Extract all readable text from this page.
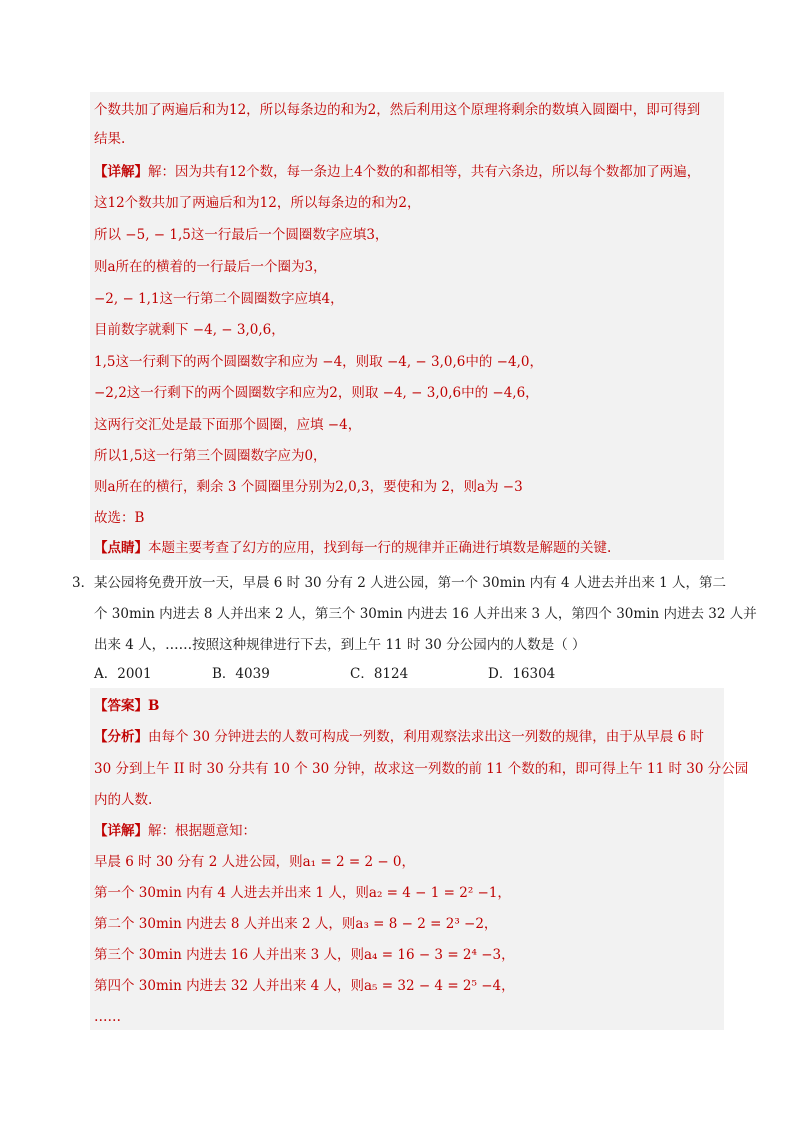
个数共加了两遍后和为12，所以每条边的和为2，然后利用这个原理将剩余的数填入圆圈中，即可得到
结果.
【详解】解：因为共有12个数，每一条边上4个数的和都相等，共有六条边，所以每个数都加了两遍，
这12个数共加了两遍后和为12，所以每条边的和为2，
所以 −5, − 1,5这一行最后一个圆圈数字应填3，
则a所在的横着的一行最后一个圈为3，
−2, − 1,1这一行第二个圆圈数字应填4，
目前数字就剩下 −4, − 3,0,6，
1,5这一行剩下的两个圆圈数字和应为 −4，则取 −4, − 3,0,6中的 −4,0，
−2,2这一行剩下的两个圆圈数字和应为2，则取 −4, − 3,0,6中的 −4,6，
这两行交汇处是最下面那个圆圈，应填 −4，
所以1,5这一行第三个圆圈数字应为0，
则a所在的横行，剩余 3 个圆圈里分别为2,0,3，要使和为 2，则a为 −3
故选：B
【点睛】本题主要考查了幻方的应用，找到每一行的规律并正确进行填数是解题的关键.
3． 某公园将免费开放一天，早晨 6 时 30 分有 2 人进公园，第一个 30min 内有 4 人进去并出来 1 人，第二
个 30min 内进去 8 人并出来 2 人，第三个 30min 内进去 16 人并出来 3 人，第四个 30min 内进去 32 人并
出来 4 人，……按照这种规律进行下去，到上午 11 时 30 分公园内的人数是（ ）
A．2001	B．4039	C．8124	D．16304
【答案】B
【分析】由每个 30 分钟进去的人数可构成一列数，利用观察法求出这一列数的规律，由于从早晨 6 时
30 分到上午 II 时 30 分共有 10 个 30 分钟，故求这一列数的前 11 个数的和，即可得上午 11 时 30 分公园
内的人数.
【详解】解：根据题意知：
早晨 6 时 30 分有 2 人进公园，则a₁ = 2 = 2 − 0，
第一个 30min 内有 4 人进去并出来 1 人，则a₂ = 4 − 1 = 2² −1，
第二个 30min 内进去 8 人并出来 2 人，则a₃ = 8 − 2 = 2³ −2，
第三个 30min 内进去 16 人并出来 3 人，则a₄ = 16 − 3 = 2⁴ −3，
第四个 30min 内进去 32 人并出来 4 人，则a₅ = 32 − 4 = 2⁵ −4，
……
